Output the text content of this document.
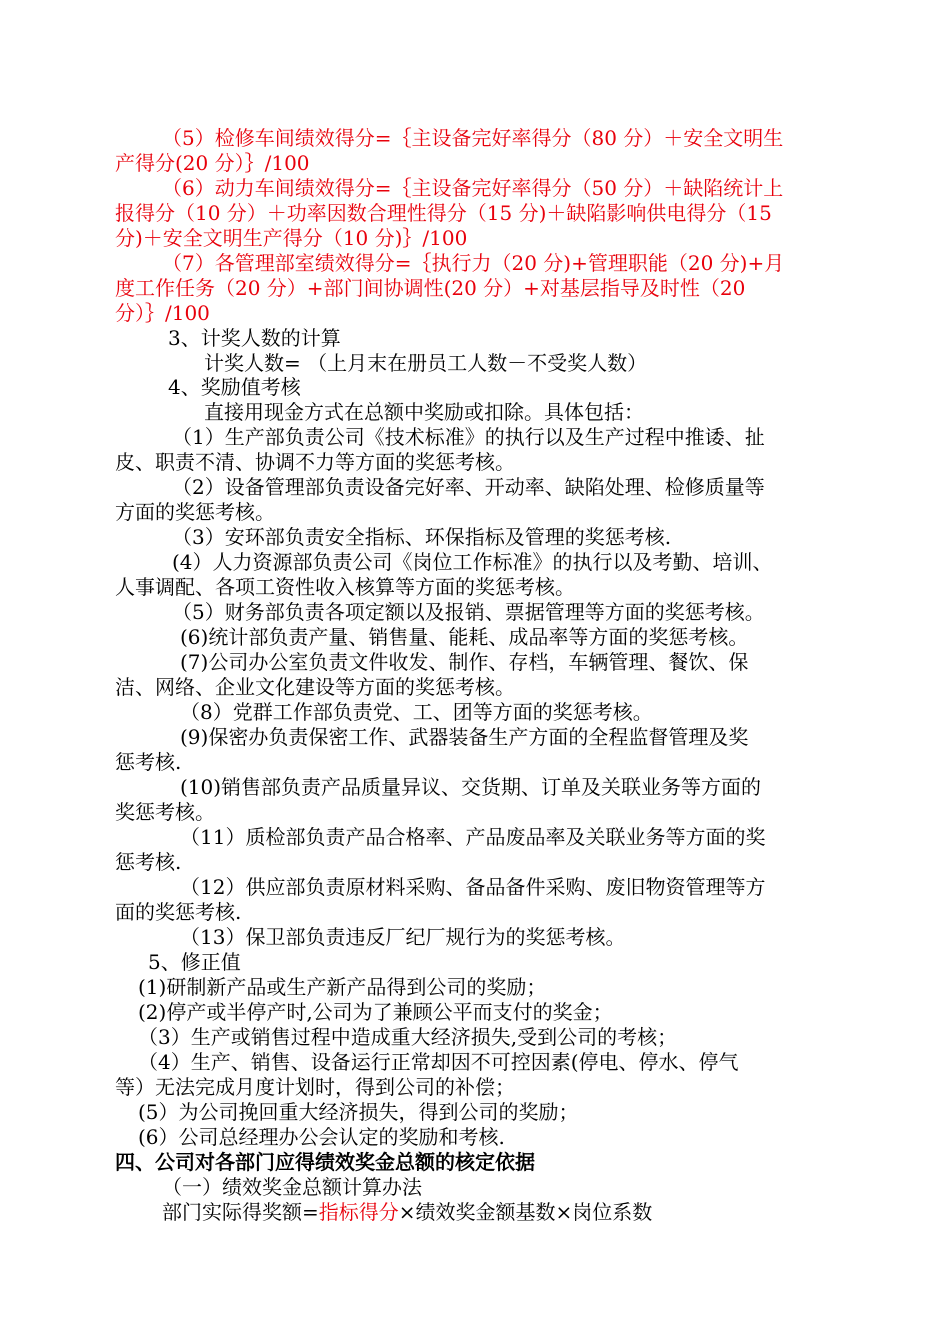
（5）检修车间绩效得分=｛主设备完好率得分（80 分）＋安全文明生
产得分(20 分）｝/100
（6）动力车间绩效得分=｛主设备完好率得分（50 分）＋缺陷统计上
报得分（10 分）＋功率因数合理性得分（15 分)＋缺陷影响供电得分（15
分)＋安全文明生产得分（10 分)｝/100
（7）各管理部室绩效得分=｛执行力（20 分)+管理职能（20 分)+月
度工作任务（20 分）+部门间协调性(20 分）+对基层指导及时性（20
分）｝/100
3、计奖人数的计算
计奖人数= （上月末在册员工人数－不受奖人数）
4、奖励值考核
直接用现金方式在总额中奖励或扣除。具体包括：
（1）生产部负责公司《技术标准》的执行以及生产过程中推诿、扯
皮、职责不清、协调不力等方面的奖惩考核。
（2）设备管理部负责设备完好率、开动率、缺陷处理、检修质量等
方面的奖惩考核。
（3）安环部负责安全指标、环保指标及管理的奖惩考核.
(4）人力资源部负责公司《岗位工作标准》的执行以及考勤、培训、
人事调配、各项工资性收入核算等方面的奖惩考核。
（5）财务部负责各项定额以及报销、票据管理等方面的奖惩考核。
(6)统计部负责产量、销售量、能耗、成品率等方面的奖惩考核。
(7)公司办公室负责文件收发、制作、存档，车辆管理、餐饮、保
洁、网络、企业文化建设等方面的奖惩考核。
（8）党群工作部负责党、工、团等方面的奖惩考核。
(9)保密办负责保密工作、武器装备生产方面的全程监督管理及奖
惩考核.
(10)销售部负责产品质量异议、交货期、订单及关联业务等方面的
奖惩考核。
（11）质检部负责产品合格率、产品废品率及关联业务等方面的奖
惩考核.
（12）供应部负责原材料采购、备品备件采购、废旧物资管理等方
面的奖惩考核.
（13）保卫部负责违反厂纪厂规行为的奖惩考核。
5、修正值
(1)研制新产品或生产新产品得到公司的奖励；
(2)停产或半停产时,公司为了兼顾公平而支付的奖金；
（3）生产或销售过程中造成重大经济损失,受到公司的考核；
（4）生产、销售、设备运行正常却因不可控因素(停电、停水、停气
等）无法完成月度计划时，得到公司的补偿；
(5）为公司挽回重大经济损失，得到公司的奖励；
(6）公司总经理办公会认定的奖励和考核.
四、公司对各部门应得绩效奖金总额的核定依据
（一）绩效奖金总额计算办法
部门实际得奖额=指标得分×绩效奖金额基数×岗位系数
